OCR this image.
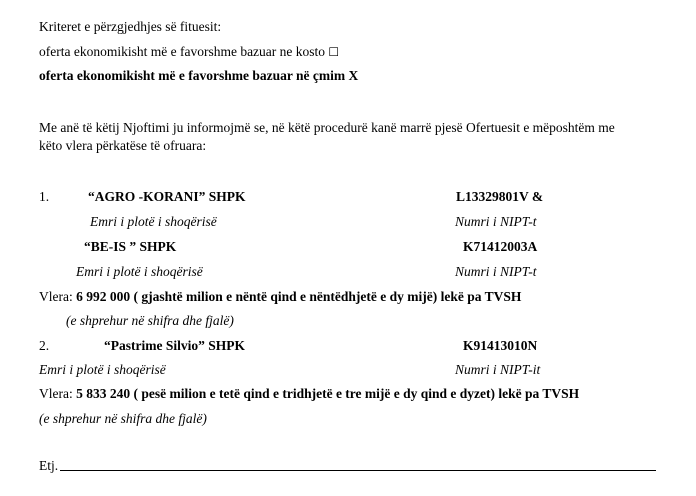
Kriteret e përzgjedhjes së fituesit:
oferta ekonomikisht më e favorshme bazuar ne kosto ☐
oferta ekonomikisht më e favorshme bazuar në çmim X
Me anë të këtij Njoftimi ju informojmë se, në këtë procedurë kanë marrë pjesë Ofertuesit e mëposhtëm me
këto vlera përkatëse të ofruara:
1.	“AGRO -KORANI” SHPK	L13329801V &
Emri i plotë i shoqërisë	Numri i NIPT-t
“BE-IS ” SHPK	K71412003A
Emri i plotë i shoqërisë	Numri i NIPT-t
Vlera: 6 992 000 ( gjashtë milion e nëntë qind e nëntëdhjetë e dy mijë) lekë pa TVSH
(e shprehur në shifra dhe fjalë)
2.	“Pastrime Silvio” SHPK	K91413010N
Emri i plotë i shoqërisë	Numri i NIPT-it
Vlera: 5 833 240 ( pesë milion e tetë qind e tridhjetë e tre mijë e dy qind e dyzet) lekë pa TVSH
(e shprehur në shifra dhe fjalë)
Etj.
